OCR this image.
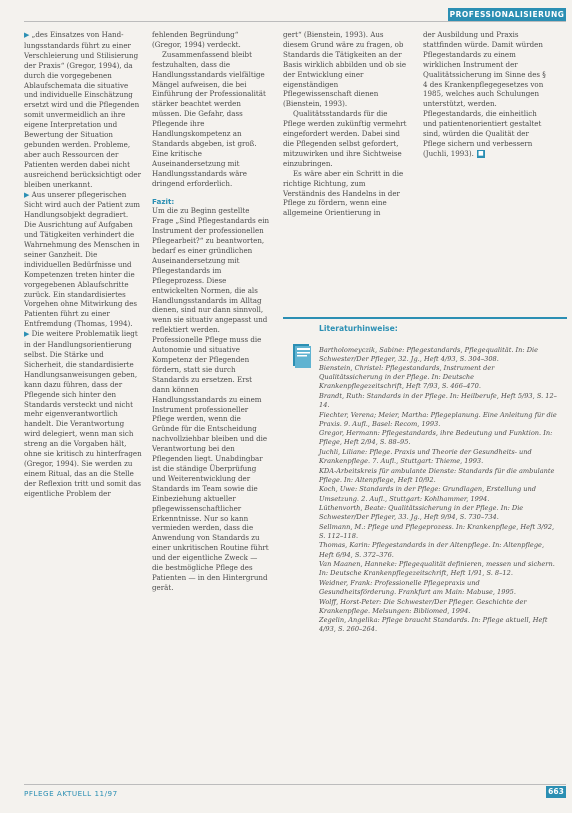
PROFESSIONALISIERUNG

▶ „des Einsatzes von Hand-lungsstandards führt zu einer Verschleierung und Stilisierung der Praxis“ (Gregor, 1994), da durch die vorgegebenen Ablaufschemata die situative und individuelle Einschätzung ersetzt wird und die Pflegenden somit unvermeidlich an ihre eigene Interpretation und Bewertung der Situation gebunden werden. Probleme, aber auch Ressourcen der Patienten werden dabei nicht ausreichend berücksichtigt oder bleiben unerkannt.

▶ Aus unserer pflegerischen Sicht wird auch der Patient zum Handlungsobjekt degradiert. Die Ausrichtung auf Aufgaben und Tätigkeiten verhindert die Wahrnehmung des Menschen in seiner Ganzheit. Die individuellen Bedürfnisse und Kompetenzen treten hinter die vorgegebenen Ablaufschritte zurück. Ein standardisiertes Vorgehen ohne Mitwirkung des Patienten führt zu einer Entfremdung (Thomas, 1994).

▶ Die weitere Problematik liegt in der Handlungsorientierung selbst. Die Stärke und Sicherheit, die standardisierte Handlungsanweisungen geben, kann dazu führen, dass der Pflegende sich hinter den Standards versteckt und nicht mehr eigenverantwortlich handelt. Die Verantwortung wird delegiert, wenn man sich streng an die Vorgaben hält, ohne sie kritisch zu hinterfragen (Gregor, 1994). Sie werden zu einem Ritual, das an die Stelle der Reflexion tritt und somit das eigentliche Problem der

fehlenden Begründung“ (Gregor, 1994) verdeckt.

Zusammenfassend bleibt festzuhalten, dass die Handlungsstandards vielfältige Mängel aufweisen, die bei Einführung der Professionalität stärker beachtet werden müssen. Die Gefahr, dass Pflegende ihre Handlungskompetenz an Standards abgeben, ist groß. Eine kritische Auseinandersetzung mit Handlungsstandards wäre dringend erforderlich.

Fazit:

Um die zu Beginn gestellte Frage „Sind Pflegestandards ein Instrument der professionellen Pflegearbeit?“ zu beantworten, bedarf es einer gründlichen Auseinandersetzung mit Pflegestandards im Pflegeprozess. Diese entwickelten Normen, die als Handlungsstandards im Alltag dienen, sind nur dann sinnvoll, wenn sie situativ angepasst und reflektiert werden. Professionelle Pflege muss die Autonomie und situative Kompetenz der Pflegenden fördern, statt sie durch Standards zu ersetzen. Erst dann können Handlungsstandards zu einem Instrument professioneller Pflege werden, wenn die Gründe für die Entscheidung nachvollziehbar bleiben und die Verantwortung bei den Pflegenden liegt. Unabdingbar ist die ständige Überprüfung und Weiterentwicklung der Standards im Team sowie die Einbeziehung aktueller pflegewissenschaftlicher Erkenntnisse. Nur so kann vermieden werden, dass die Anwendung von Standards zu einer unkritischen Routine führt und der eigentliche Zweck — die bestmögliche Pflege des Patienten — in den Hintergrund gerät.

gert“ (Bienstein, 1993). Aus diesem Grund wäre zu fragen, ob Standards die Tätigkeiten an der Basis wirklich abbilden und ob sie der Entwicklung einer eigenständigen Pflegewissenschaft dienen (Bienstein, 1993).

Qualitätsstandards für die Pflege werden zukünftig vermehrt eingefordert werden. Dabei sind die Pflegenden selbst gefordert, mitzuwirken und ihre Sichtweise einzubringen.

Es wäre aber ein Schritt in die richtige Richtung, zum Verständnis des Handelns in der Pflege zu fördern, wenn eine allgemeine Orientierung in

der Ausbildung und Praxis stattfinden würde. Damit würden Pflegestandards zu einem wirklichen Instrument der Qualitätssicherung im Sinne des § 4 des Krankenpflegegesetzes von 1985, welches auch Schulungen unterstützt, werden. Pflegestandards, die einheitlich und patientenorientiert gestaltet sind, würden die Qualität der Pflege sichern und verbessern (Juchli, 1993). ■

Literaturhinweise:

Bartholomeyczik, Sabine: Pflegestandards, Pflegequalität. In: Die Schwester/Der Pfleger, 32. Jg., Heft 4/93, S. 304–308.

Bienstein, Christel: Pflegestandards, Instrument der Qualitätssicherung in der Pflege. In: Deutsche Krankenpflegezeitschrift, Heft 7/93, S. 466–470.

Brandt, Ruth: Standards in der Pflege. In: Heilberufe, Heft 5/93, S. 12–14.

Fiechter, Verena; Meier, Martha: Pflegeplanung. Eine Anleitung für die Praxis. 9. Aufl., Basel: Recom, 1993.

Gregor, Hermann: Pflegestandards, ihre Bedeutung und Funktion. In: Pflege, Heft 2/94, S. 88–95.

Juchli, Liliane: Pflege. Praxis und Theorie der Gesundheits- und Krankenpflege. 7. Aufl., Stuttgart: Thieme, 1993.

KDA-Arbeitskreis für ambulante Dienste: Standards für die ambulante Pflege. In: Altenpflege, Heft 10/92.

Koch, Uwe: Standards in der Pflege: Grundlagen, Erstellung und Umsetzung. 2. Aufl., Stuttgart: Kohlhammer, 1994.

Lüthenvorth, Beate: Qualitätssicherung in der Pflege. In: Die Schwester/Der Pfleger, 33. Jg., Heft 9/94, S. 730–734.

Sellmann, M.: Pflege und Pflegeprozess. In: Krankenpflege, Heft 3/92, S. 112–118.

Thomas, Karin: Pflegestandards in der Altenpflege. In: Altenpflege, Heft 6/94, S. 372–376.

Van Maanen, Hanneke: Pflegequalität definieren, messen und sichern. In: Deutsche Krankenpflegezeitschrift, Heft 1/91, S. 8–12.

Weidner, Frank: Professionelle Pflegepraxis und Gesundheitsförderung. Frankfurt am Main: Mabuse, 1995.

Wolff, Horst-Peter: Die Schwester/Der Pfleger. Geschichte der Krankenpflege. Melsungen: Bibliomed, 1994.

Zegelin, Angelika: Pflege braucht Standards. In: Pflege aktuell, Heft 4/93, S. 260–264.

PFLEGE AKTUELL 11/97	663
